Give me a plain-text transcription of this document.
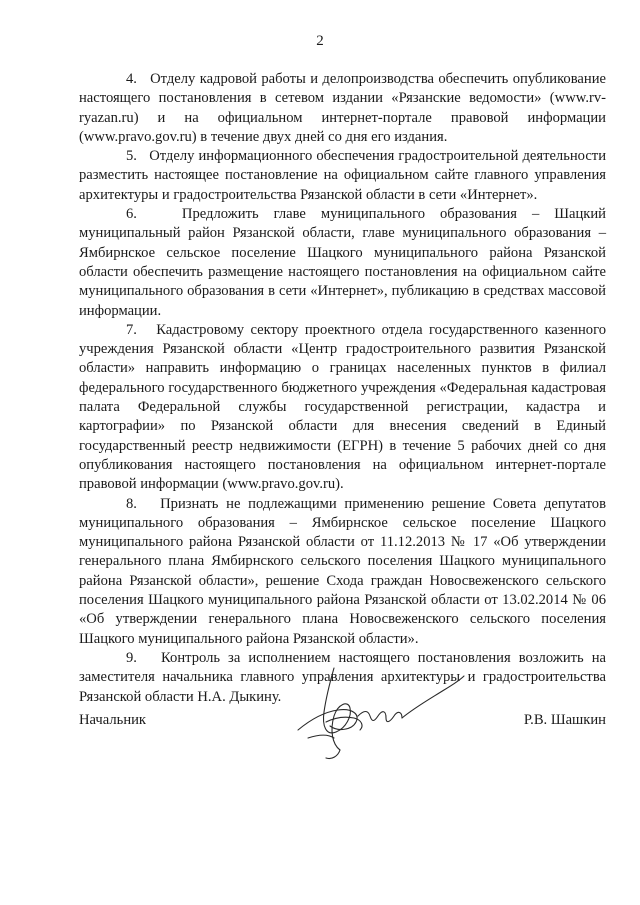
2

4. Отделу кадровой работы и делопроизводства обеспечить опубликование настоящего постановления в сетевом издании «Рязанские ведомости» (www.rv-ryazan.ru) и на официальном интернет-портале правовой информации (www.pravo.gov.ru) в течение двух дней со дня его издания.

5. Отделу информационного обеспечения градостроительной деятельности разместить настоящее постановление на официальном сайте главного управления архитектуры и градостроительства Рязанской области в сети «Интернет».

6.	Предложить главе муниципального образования – Шацкий муниципальный район Рязанской области, главе муниципального образования – Ямбирнское сельское поселение Шацкого муниципального района Рязанской области обеспечить размещение настоящего постановления на официальном сайте муниципального образования в сети «Интернет», публикацию в средствах массовой информации.

7. Кадастровому сектору проектного отдела государственного казенного учреждения Рязанской области «Центр градостроительного развития Рязанской области» направить информацию о границах населенных пунктов в филиал федерального государственного бюджетного учреждения «Федеральная кадастровая палата Федеральной службы государственной регистрации, кадастра и картографии» по Рязанской области для внесения сведений в Единый государственный реестр недвижимости (ЕГРН) в течение 5 рабочих дней со дня опубликования настоящего постановления на официальном интернет-портале правовой информации (www.pravo.gov.ru).

8. Признать не подлежащими применению решение Совета депутатов муниципального образования – Ямбирнское сельское поселение Шацкого муниципального района Рязанской области от 11.12.2013 № 17 «Об утверждении генерального плана Ямбирнского сельского поселения Шацкого муниципального района Рязанской области», решение Схода граждан Новосвеженского сельского поселения Шацкого муниципального района Рязанской области от 13.02.2014 № 06 «Об утверждении генерального плана Новосвеженского сельского поселения Шацкого муниципального района Рязанской области».

9. Контроль за исполнением настоящего постановления возложить на заместителя начальника главного управления архитектуры и градостроительства Рязанской области Н.А. Дыкину.

Начальник	Р.В. Шашкин
